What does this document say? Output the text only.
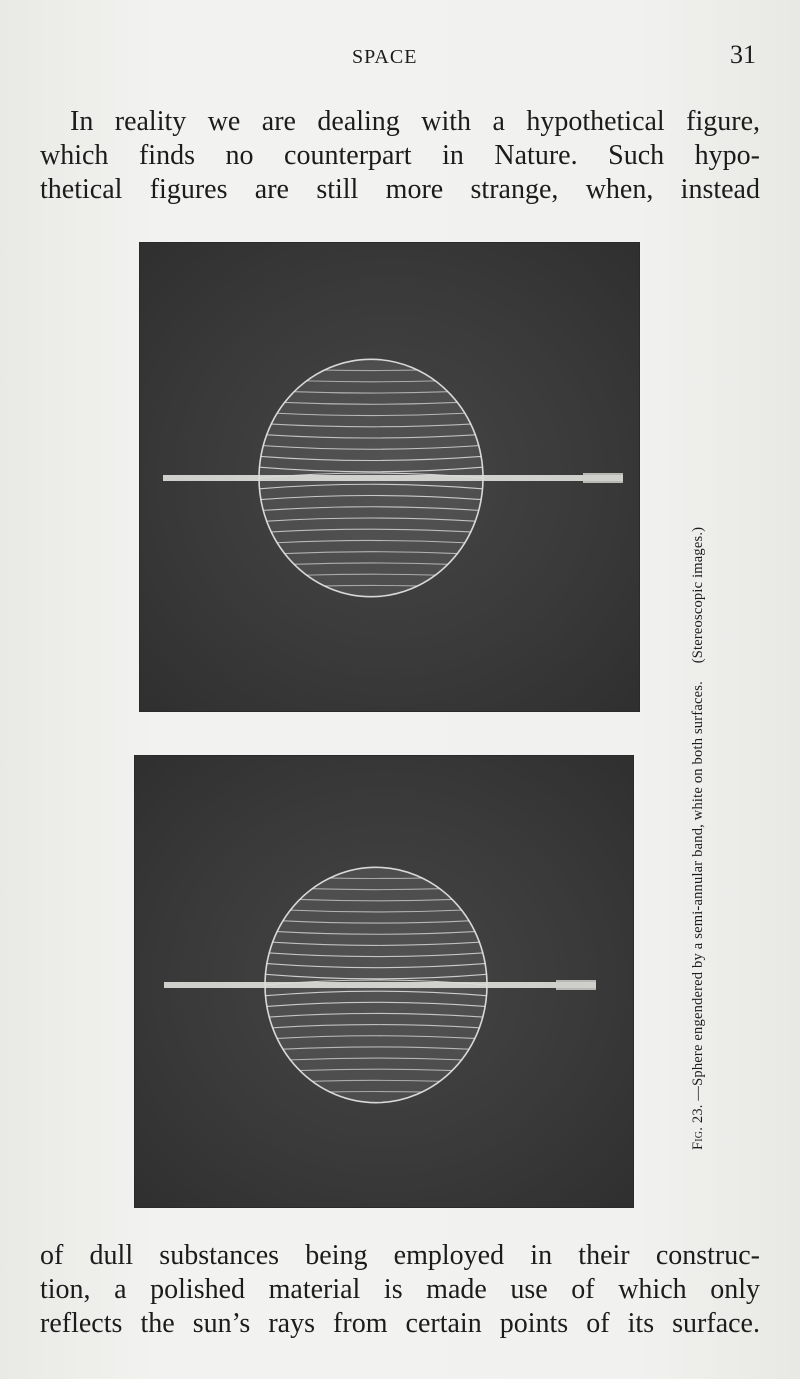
SPACE	31

In reality we are dealing with a hypothetical figure,
which finds no counterpart in Nature. Such hypo-
thetical figures are still more strange, when, instead

Fig. 23. —Sphere engendered by a semi-annular band, white on both surfaces. (Stereoscopic images.)

of dull substances being employed in their construc-
tion, a polished material is made use of which only
reflects the sun’s rays from certain points of its surface.
